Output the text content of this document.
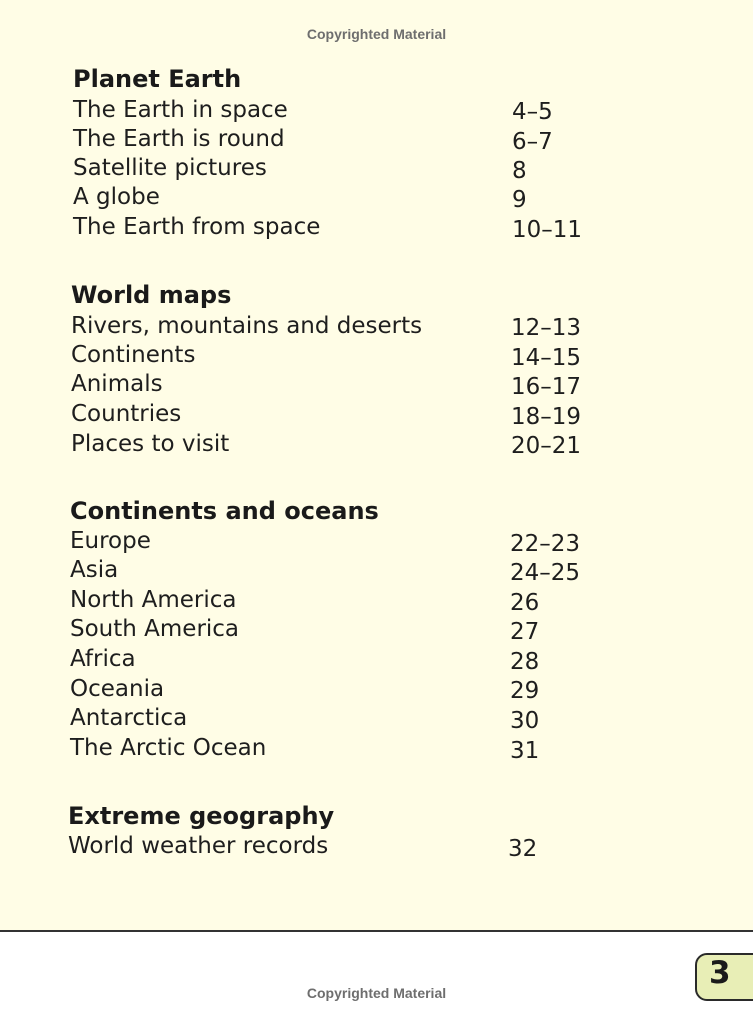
Copyrighted Material
Planet Earth
The Earth in space	4–5
The Earth is round	6–7
Satellite pictures	8
A globe	9
The Earth from space	10–11
World maps
Rivers, mountains and deserts	12–13
Continents	14–15
Animals	16–17
Countries	18–19
Places to visit	20–21
Continents and oceans
Europe	22–23
Asia	24–25
North America	26
South America	27
Africa	28
Oceania	29
Antarctica	30
The Arctic Ocean	31
Extreme geography
World weather records	32
3
Copyrighted Material
